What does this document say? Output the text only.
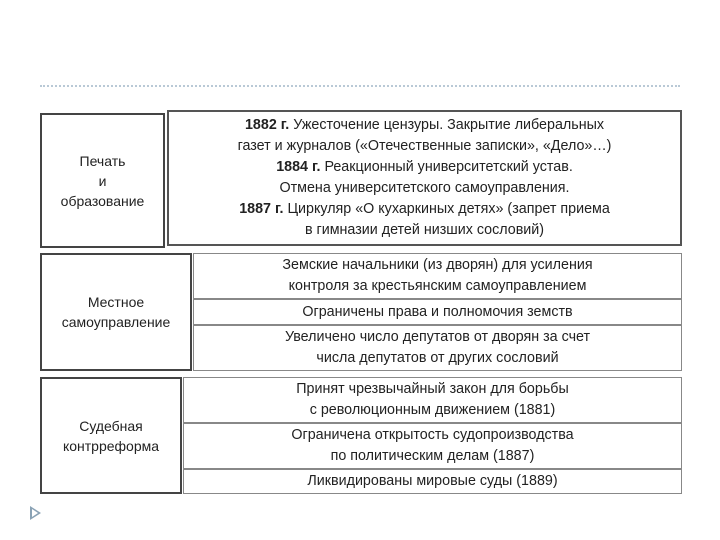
Печать
и
образование
1882 г. Ужесточение цензуры. Закрытие либеральных
газет и журналов («Отечественные записки», «Дело»…)
1884 г. Реакционный университетский устав.
Отмена университетского самоуправления.
1887 г. Циркуляр «О кухаркиных детях» (запрет приема
в гимназии детей низших сословий)
Местное
самоуправление
Земские начальники (из дворян) для усиления
контроля за крестьянским самоуправлением
Ограничены права и полномочия земств
Увеличено число депутатов от дворян за счет
числа депутатов от других сословий
Судебная
контрреформа
Принят чрезвычайный закон для борьбы
с революционным движением (1881)
Ограничена открытость судопроизводства
по политическим делам (1887)
Ликвидированы мировые суды (1889)
